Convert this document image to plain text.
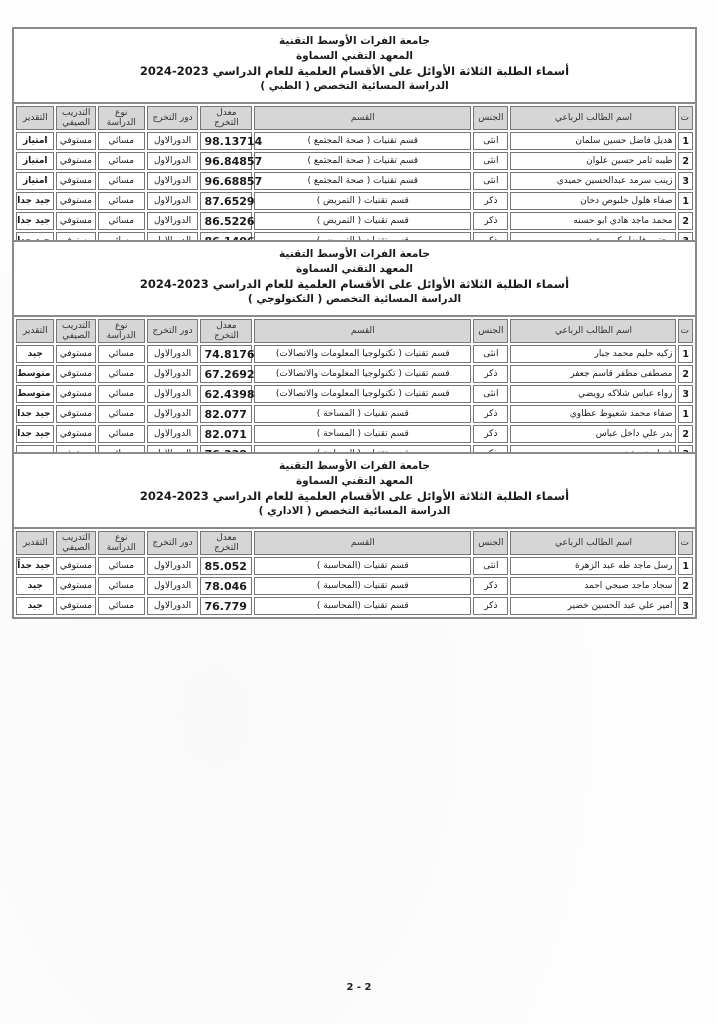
جامعة الفرات الأوسط التقنية
المعهد التقني السماوة
أسماء الطلبة الثلاثة الأوائل على الأقسام العلمية للعام الدراسي 2023-2024
الدراسة المسائية التخصص ( الطبي )
ت	اسم الطالب الرباعي	الجنس	القسم	معدل التخرج	دور التخرج	نوع الدراسة	التدريب الصيفي	التقدير
1	هديل فاضل حسين سلمان	انثى	قسم تقنيات ( صحة المجتمع )	98.13714	الدورالاول	مسائي	مستوفي	امتياز
2	طيبه ثامر حسين علوان	انثى	قسم تقنيات ( صحة المجتمع )	96.84857	الدورالاول	مسائي	مستوفي	امتياز
3	زينب سرمد عبدالحسين حميدي	انثى	قسم تقنيات ( صحة المجتمع )	96.68857	الدورالاول	مسائي	مستوفي	امتياز
1	صفاء هلول خلبوص دخان	ذكر	قسم تقنيات ( التمريض )	87.6529	الدورالاول	مسائي	مستوفي	جيد جدا
2	محمد ماجد هادي ابو حسنه	ذكر	قسم تقنيات ( التمريض )	86.5226	الدورالاول	مسائي	مستوفي	جيد جدا

جامعة الفرات الأوسط التقنية
المعهد التقني السماوة
أسماء الطلبة الثلاثة الأوائل على الأقسام العلمية للعام الدراسي 2023-2024
الدراسة المسائية التخصص ( التكنولوجي )
ت	اسم الطالب الرباعي	الجنس	القسم	معدل التخرج	دور التخرج	نوع الدراسة	التدريب الصيفي	التقدير
1	زكيه حليم محمد جبار	انثى	قسم تقنيات ( تكنولوجيا المعلومات والاتصالات)	74.8176	الدورالاول	مسائي	مستوفي	جيد
2	مصطفى مظفر قاسم جعفر	ذكر	قسم تقنيات ( تكنولوجيا المعلومات والاتصالات)	67.2692	الدورالاول	مسائي	مستوفي	متوسط
3	رواء عباس شلاكه رويضي	انثى	قسم تقنيات ( تكنولوجيا المعلومات والاتصالات)	62.4398	الدورالاول	مسائي	مستوفي	متوسط
1	صفاء محمد شعيوط عطاوي	ذكر	قسم تقنيات ( المساحة )	82.077	الدورالاول	مسائي	مستوفي	جيد جدا
2	بدر علي داخل عباس	ذكر	قسم تقنيات ( المساحة )	82.071	الدورالاول	مسائي	مستوفي	جيد جدا

جامعة الفرات الأوسط التقنية
المعهد التقني السماوة
أسماء الطلبة الثلاثة الأوائل على الأقسام العلمية للعام الدراسي 2023-2024
الدراسة المسائية التخصص ( الاداري )
ت	اسم الطالب الرباعي	الجنس	القسم	معدل التخرج	دور التخرج	نوع الدراسة	التدريب الصيفي	التقدير
1	رسل ماجد طه عبد الزهرة	انثى	قسم تقنيات (المحاسبة )	85.052	الدورالاول	مسائي	مستوفي	جيد جداً
2	سجاد ماجد صبحي احمد	ذكر	قسم تقنيات (المحاسبة )	78.046	الدورالاول	مسائي	مستوفي	جيد
3	امير علي عبد الحسين خضير	ذكر	قسم تقنيات (المحاسبة )	76.779	الدورالاول	مسائي	مستوفي	جيد
2 - 2
